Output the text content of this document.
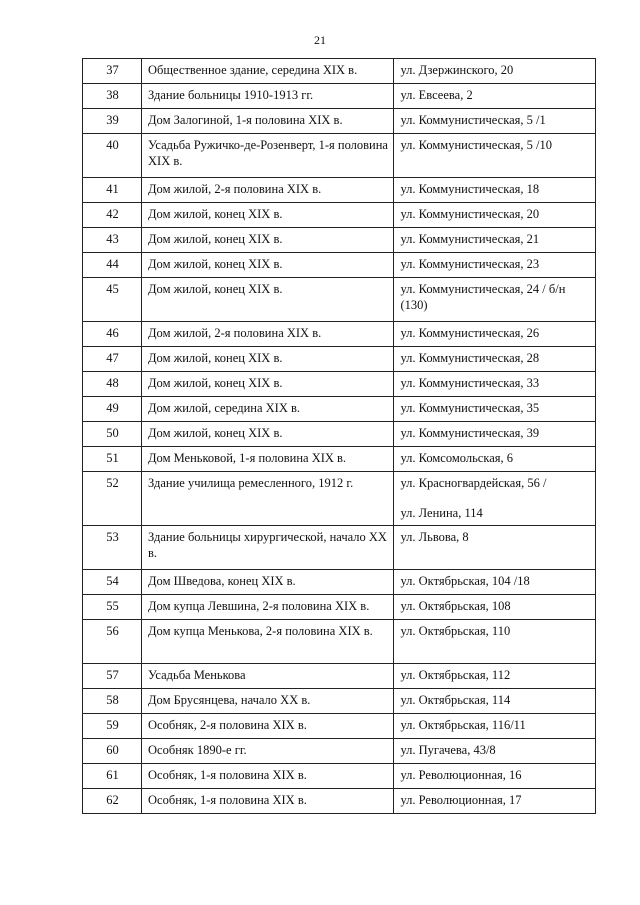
21
37	Общественное здание, середина XIX в.	ул. Дзержинского, 20
38	Здание больницы 1910-1913 гг.	ул. Евсеева, 2
39	Дом Залогиной, 1-я половина XIX в.	ул. Коммунистическая, 5 /1
40	Усадьба Ружичко-де-Розенверт, 1-я половина XIX в.	ул. Коммунистическая, 5 /10
41	Дом жилой, 2-я половина XIX в.	ул. Коммунистическая, 18
42	Дом жилой, конец XIX в.	ул. Коммунистическая, 20
43	Дом жилой, конец XIX в.	ул. Коммунистическая, 21
44	Дом жилой, конец XIX в.	ул. Коммунистическая, 23
45	Дом жилой, конец XIX в.	ул. Коммунистическая, 24 / б/н (130)
46	Дом жилой, 2-я половина XIX в.	ул. Коммунистическая, 26
47	Дом жилой, конец XIX в.	ул. Коммунистическая, 28
48	Дом жилой, конец XIX в.	ул. Коммунистическая, 33
49	Дом жилой, середина XIX в.	ул. Коммунистическая, 35
50	Дом жилой, конец XIX в.	ул. Коммунистическая, 39
51	Дом Меньковой, 1-я половина XIX в.	ул. Комсомольская, 6
52	Здание училища ремесленного, 1912 г.	ул. Красногвардейская, 56 /
ул. Ленина, 114

53	Здание больницы хирургической, начало XX в.	ул. Львова, 8
54	Дом Шведова, конец XIX в.	ул. Октябрьская, 104 /18
55	Дом купца Левшина, 2-я половина XIX в.	ул. Октябрьская, 108
56	Дом купца Менькова, 2-я половина XIX в.	ул. Октябрьская, 110
57	Усадьба Менькова	ул. Октябрьская, 112
58	Дом Брусянцева, начало XX в.	ул. Октябрьская, 114
59	Особняк, 2-я половина XIX в.	ул. Октябрьская, 116/11
60	Особняк 1890-е гг.	ул. Пугачева, 43/8
61	Особняк, 1-я половина XIX в.	ул. Революционная, 16
62	Особняк, 1-я половина XIX в.	ул. Революционная, 17
